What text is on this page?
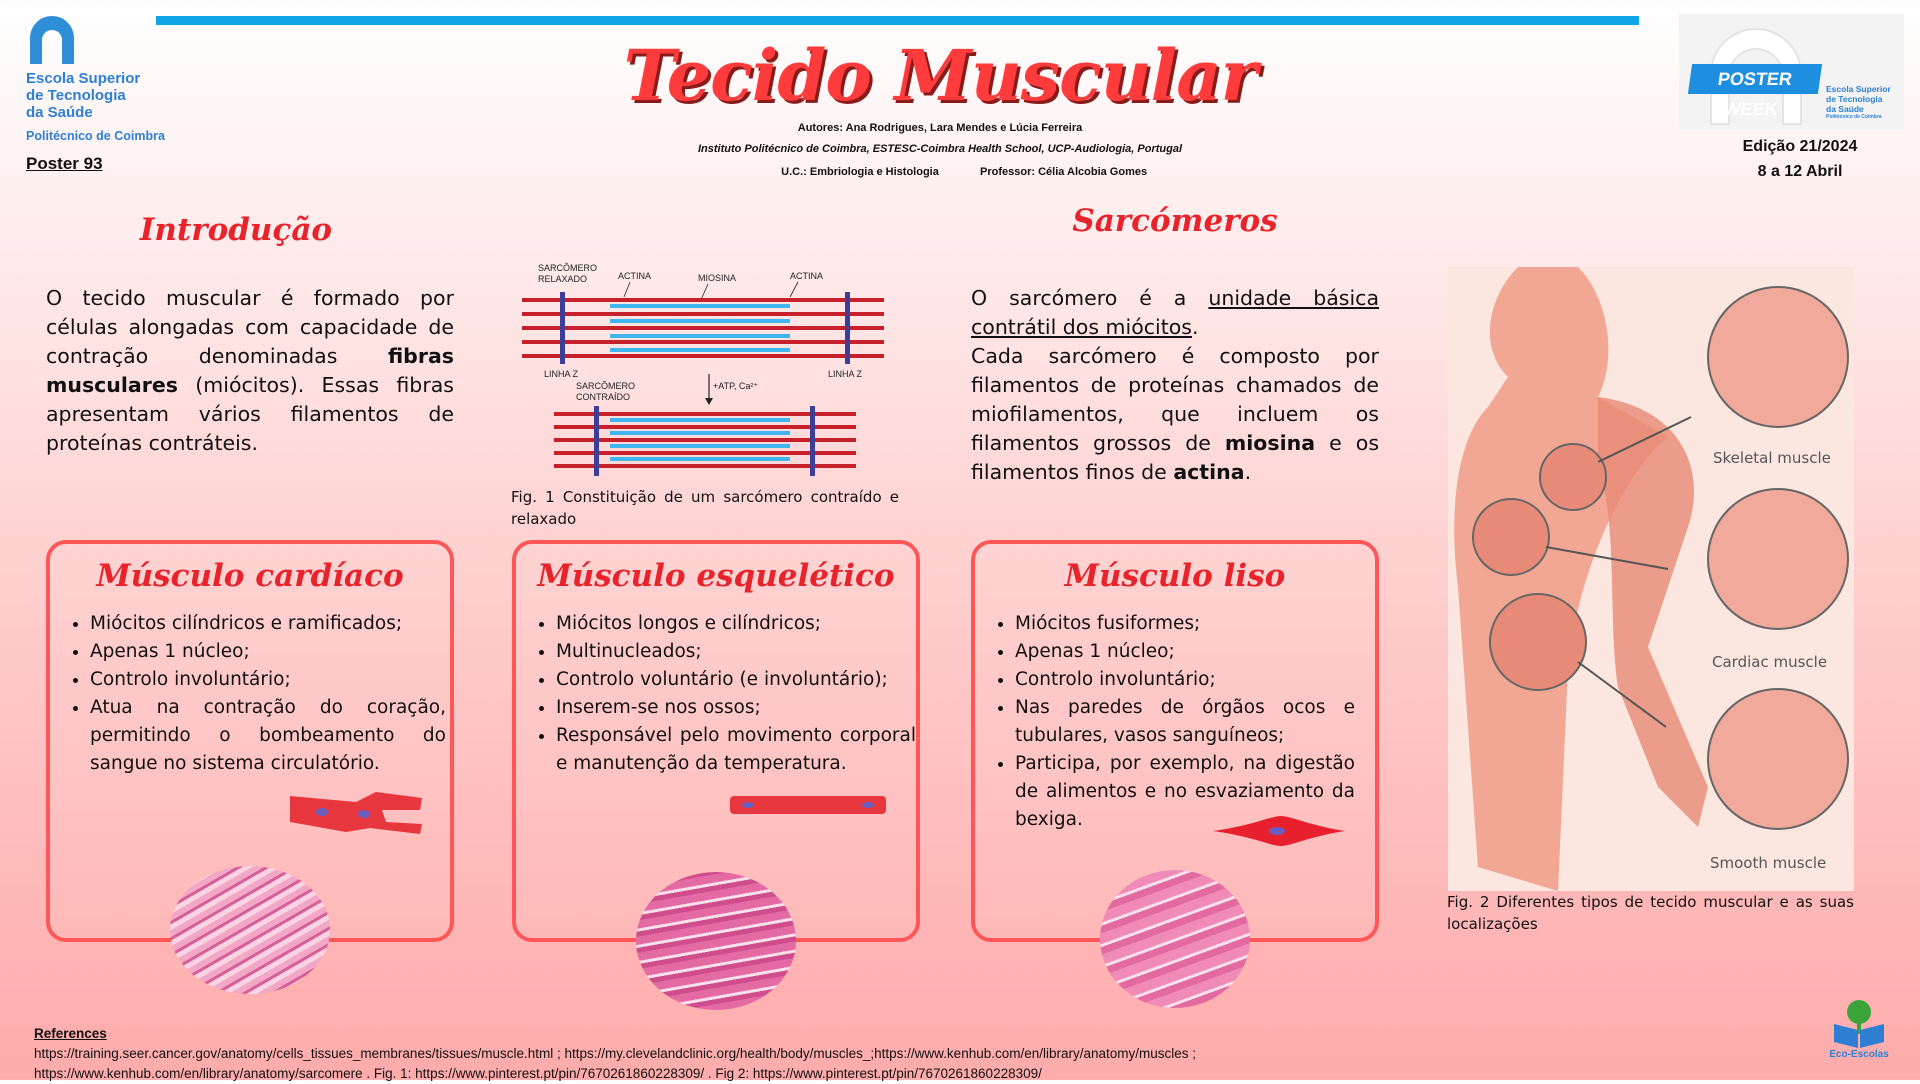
Escola Superior
de Tecnologia
da Saúde
Politécnico de Coimbra
Poster 93
Tecido Muscular
Autores: Ana Rodrigues, Lara Mendes e Lúcia Ferreira
Instituto Politécnico de Coimbra, ESTESC-Coimbra Health School, UCP-Audiologia, Portugal
U.C.: Embriologia e Histologia	Professor: Célia Alcobia Gomes
POSTER WEEK
Escola Superior
de Tecnologia
da Saúde
Politécnico de Coimbra
Edição 21/2024
8 a 12 Abril
Introdução
O tecido muscular é formado por células alongadas com capacidade de contração denominadas fibras musculares (miócitos). Essas fibras apresentam vários filamentos de proteínas contráteis.
SARCÔMERO
RELAXADO	ACTINA	MIOSINA	ACTINA
LINHA Z	LINHA Z
SARCÔMERO
CONTRAÍDO
+ATP, Ca²⁺
Fig. 1 Constituição de um sarcómero contraído e relaxado
Sarcómeros
O sarcómero é a unidade básica contrátil dos miócitos.
Cada sarcómero é composto por filamentos de proteínas chamados de miofilamentos, que incluem os filamentos grossos de miosina e os filamentos finos de actina.
Skeletal muscle
Cardiac muscle
Smooth muscle
Fig. 2 Diferentes tipos de tecido muscular e as suas localizações
Músculo cardíaco
• Miócitos cilíndricos e ramificados;
• Apenas 1 núcleo;
• Controlo involuntário;
• Atua na contração do coração, permitindo o bombeamento do sangue no sistema circulatório.
Músculo esquelético
• Miócitos longos e cilíndricos;
• Multinucleados;
• Controlo voluntário (e involuntário);
• Inserem-se nos ossos;
• Responsável pelo movimento corporal e manutenção da temperatura.
Músculo liso
• Miócitos fusiformes;
• Apenas 1 núcleo;
• Controlo involuntário;
• Nas paredes de órgãos ocos e tubulares, vasos sanguíneos;
• Participa, por exemplo, na digestão de alimentos e no esvaziamento da bexiga.
References
https://training.seer.cancer.gov/anatomy/cells_tissues_membranes/tissues/muscle.html ; https://my.clevelandclinic.org/health/body/muscles_;https://www.kenhub.com/en/library/anatomy/muscles ;
https://www.kenhub.com/en/library/anatomy/sarcomere . Fig. 1: https://www.pinterest.pt/pin/7670261860228309/ . Fig 2: https://www.pinterest.pt/pin/7670261860228309/
Eco-Escolas
